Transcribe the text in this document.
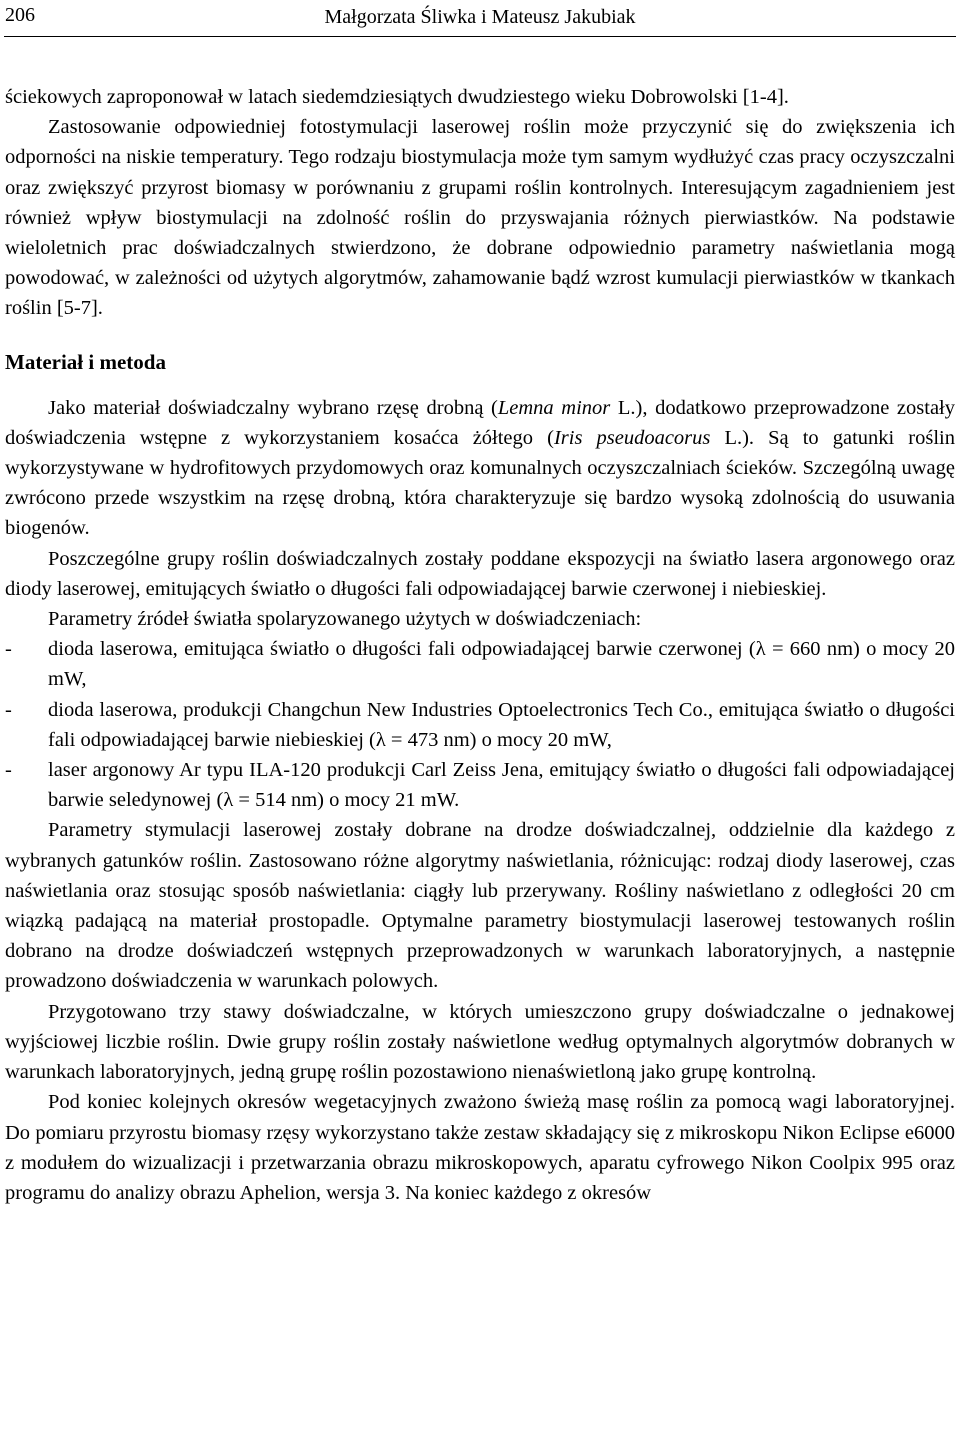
206	Małgorzata Śliwka i Mateusz Jakubiak

ściekowych zaproponował w latach siedemdziesiątych dwudziestego wieku Dobrowolski [1-4].

Zastosowanie odpowiedniej fotostymulacji laserowej roślin może przyczynić się do zwiększenia ich odporności na niskie temperatury. Tego rodzaju biostymulacja może tym samym wydłużyć czas pracy oczyszczalni oraz zwiększyć przyrost biomasy w porównaniu z grupami roślin kontrolnych. Interesującym zagadnieniem jest również wpływ biostymulacji na zdolność roślin do przyswajania różnych pierwiastków. Na podstawie wieloletnich prac doświadczalnych stwierdzono, że dobrane odpowiednio parametry naświetlania mogą powodować, w zależności od użytych algorytmów, zahamowanie bądź wzrost kumulacji pierwiastków w tkankach roślin [5-7].

Materiał i metoda

Jako materiał doświadczalny wybrano rzęsę drobną (Lemna minor L.), dodatkowo przeprowadzone zostały doświadczenia wstępne z wykorzystaniem kosaćca żółtego (Iris pseudoacorus L.). Są to gatunki roślin wykorzystywane w hydrofitowych przydomowych oraz komunalnych oczyszczalniach ścieków. Szczególną uwagę zwrócono przede wszystkim na rzęsę drobną, która charakteryzuje się bardzo wysoką zdolnością do usuwania biogenów.

Poszczególne grupy roślin doświadczalnych zostały poddane ekspozycji na światło lasera argonowego oraz diody laserowej, emitujących światło o długości fali odpowiadającej barwie czerwonej i niebieskiej.

Parametry źródeł światła spolaryzowanego użytych w doświadczeniach:

- dioda laserowa, emitująca światło o długości fali odpowiadającej barwie czerwonej (λ = 660 nm) o mocy 20 mW,
- dioda laserowa, produkcji Changchun New Industries Optoelectronics Tech Co., emitująca światło o długości fali odpowiadającej barwie niebieskiej (λ = 473 nm) o mocy 20 mW,
- laser argonowy Ar typu ILA-120 produkcji Carl Zeiss Jena, emitujący światło o długości fali odpowiadającej barwie seledynowej (λ = 514 nm) o mocy 21 mW.

Parametry stymulacji laserowej zostały dobrane na drodze doświadczalnej, oddzielnie dla każdego z wybranych gatunków roślin. Zastosowano różne algorytmy naświetlania, różnicując: rodzaj diody laserowej, czas naświetlania oraz stosując sposób naświetlania: ciągły lub przerywany. Rośliny naświetlano z odległości 20 cm wiązką padającą na materiał prostopadle. Optymalne parametry biostymulacji laserowej testowanych roślin dobrano na drodze doświadczeń wstępnych przeprowadzonych w warunkach laboratoryjnych, a następnie prowadzono doświadczenia w warunkach polowych.

Przygotowano trzy stawy doświadczalne, w których umieszczono grupy doświadczalne o jednakowej wyjściowej liczbie roślin. Dwie grupy roślin zostały naświetlone według optymalnych algorytmów dobranych w warunkach laboratoryjnych, jedną grupę roślin pozostawiono nienaświetloną jako grupę kontrolną.

Pod koniec kolejnych okresów wegetacyjnych zważono świeżą masę roślin za pomocą wagi laboratoryjnej. Do pomiaru przyrostu biomasy rzęsy wykorzystano także zestaw składający się z mikroskopu Nikon Eclipse e6000 z modułem do wizualizacji i przetwarzania obrazu mikroskopowych, aparatu cyfrowego Nikon Coolpix 995 oraz programu do analizy obrazu Aphelion, wersja 3. Na koniec każdego z okresów
